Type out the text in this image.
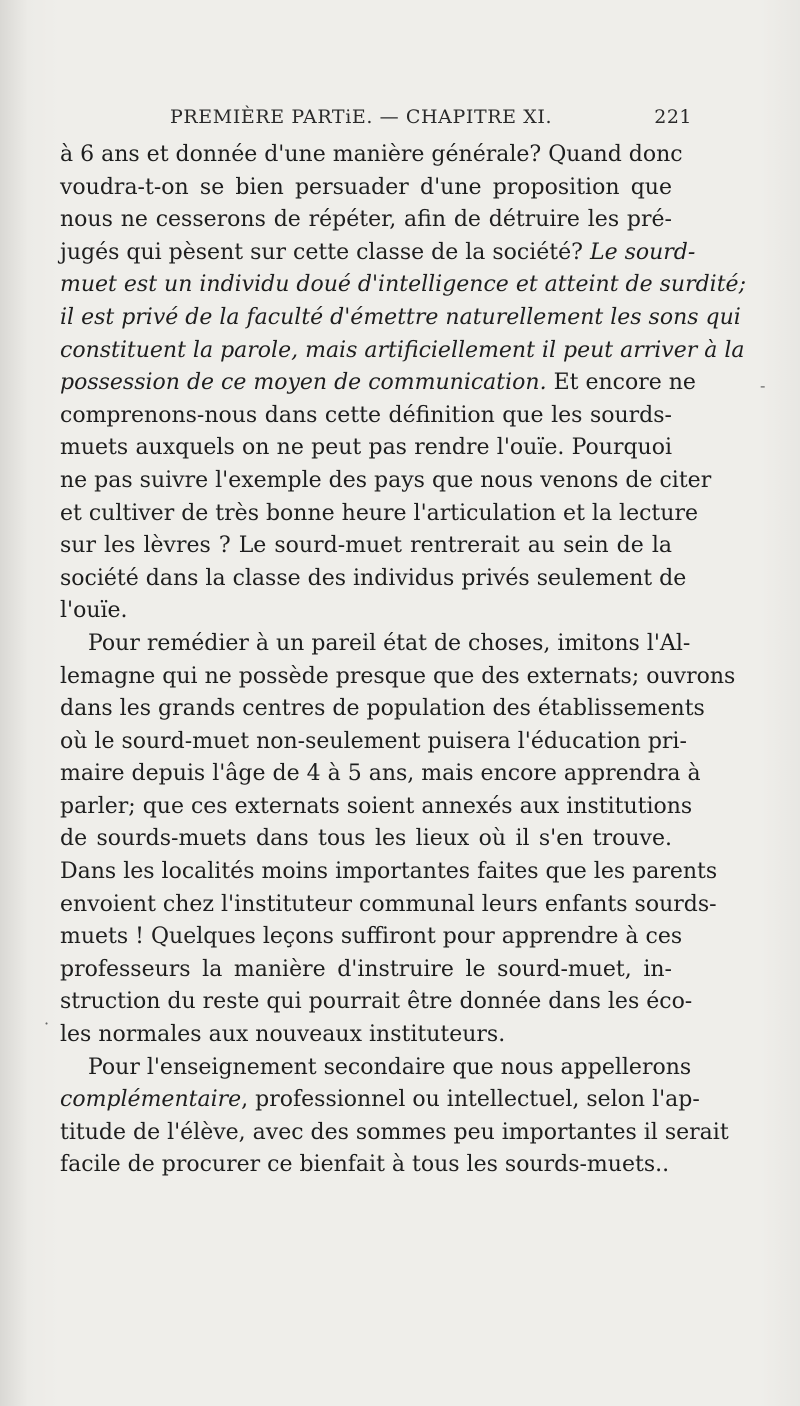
PREMIÈRE PARTiE. — CHAPITRE XI.	221
à 6 ans et donnée d'une manière générale? Quand donc
voudra-t-on se bien persuader d'une proposition que
nous ne cesserons de répéter, afin de détruire les pré-
jugés qui pèsent sur cette classe de la société? Le sourd-
muet est un individu doué d'intelligence et atteint de surdité;
il est privé de la faculté d'émettre naturellement les sons qui
constituent la parole, mais artificiellement il peut arriver à la
possession de ce moyen de communication. Et encore ne
comprenons-nous dans cette définition que les sourds-
muets auxquels on ne peut pas rendre l'ouïe. Pourquoi
ne pas suivre l'exemple des pays que nous venons de citer
et cultiver de très bonne heure l'articulation et la lecture
sur les lèvres ? Le sourd-muet rentrerait au sein de la
société dans la classe des individus privés seulement de
l'ouïe.
Pour remédier à un pareil état de choses, imitons l'Al-
lemagne qui ne possède presque que des externats; ouvrons
dans les grands centres de population des établissements
où le sourd-muet non-seulement puisera l'éducation pri-
maire depuis l'âge de 4 à 5 ans, mais encore apprendra à
parler; que ces externats soient annexés aux institutions
de sourds-muets dans tous les lieux où il s'en trouve.
Dans les localités moins importantes faites que les parents
envoient chez l'instituteur communal leurs enfants sourds-
muets ! Quelques leçons suffiront pour apprendre à ces
professeurs la manière d'instruire le sourd-muet, in-
struction du reste qui pourrait être donnée dans les éco-
les normales aux nouveaux instituteurs.
Pour l'enseignement secondaire que nous appellerons
complémentaire, professionnel ou intellectuel, selon l'ap-
titude de l'élève, avec des sommes peu importantes il serait
facile de procurer ce bienfait à tous les sourds-muets..
-
·
